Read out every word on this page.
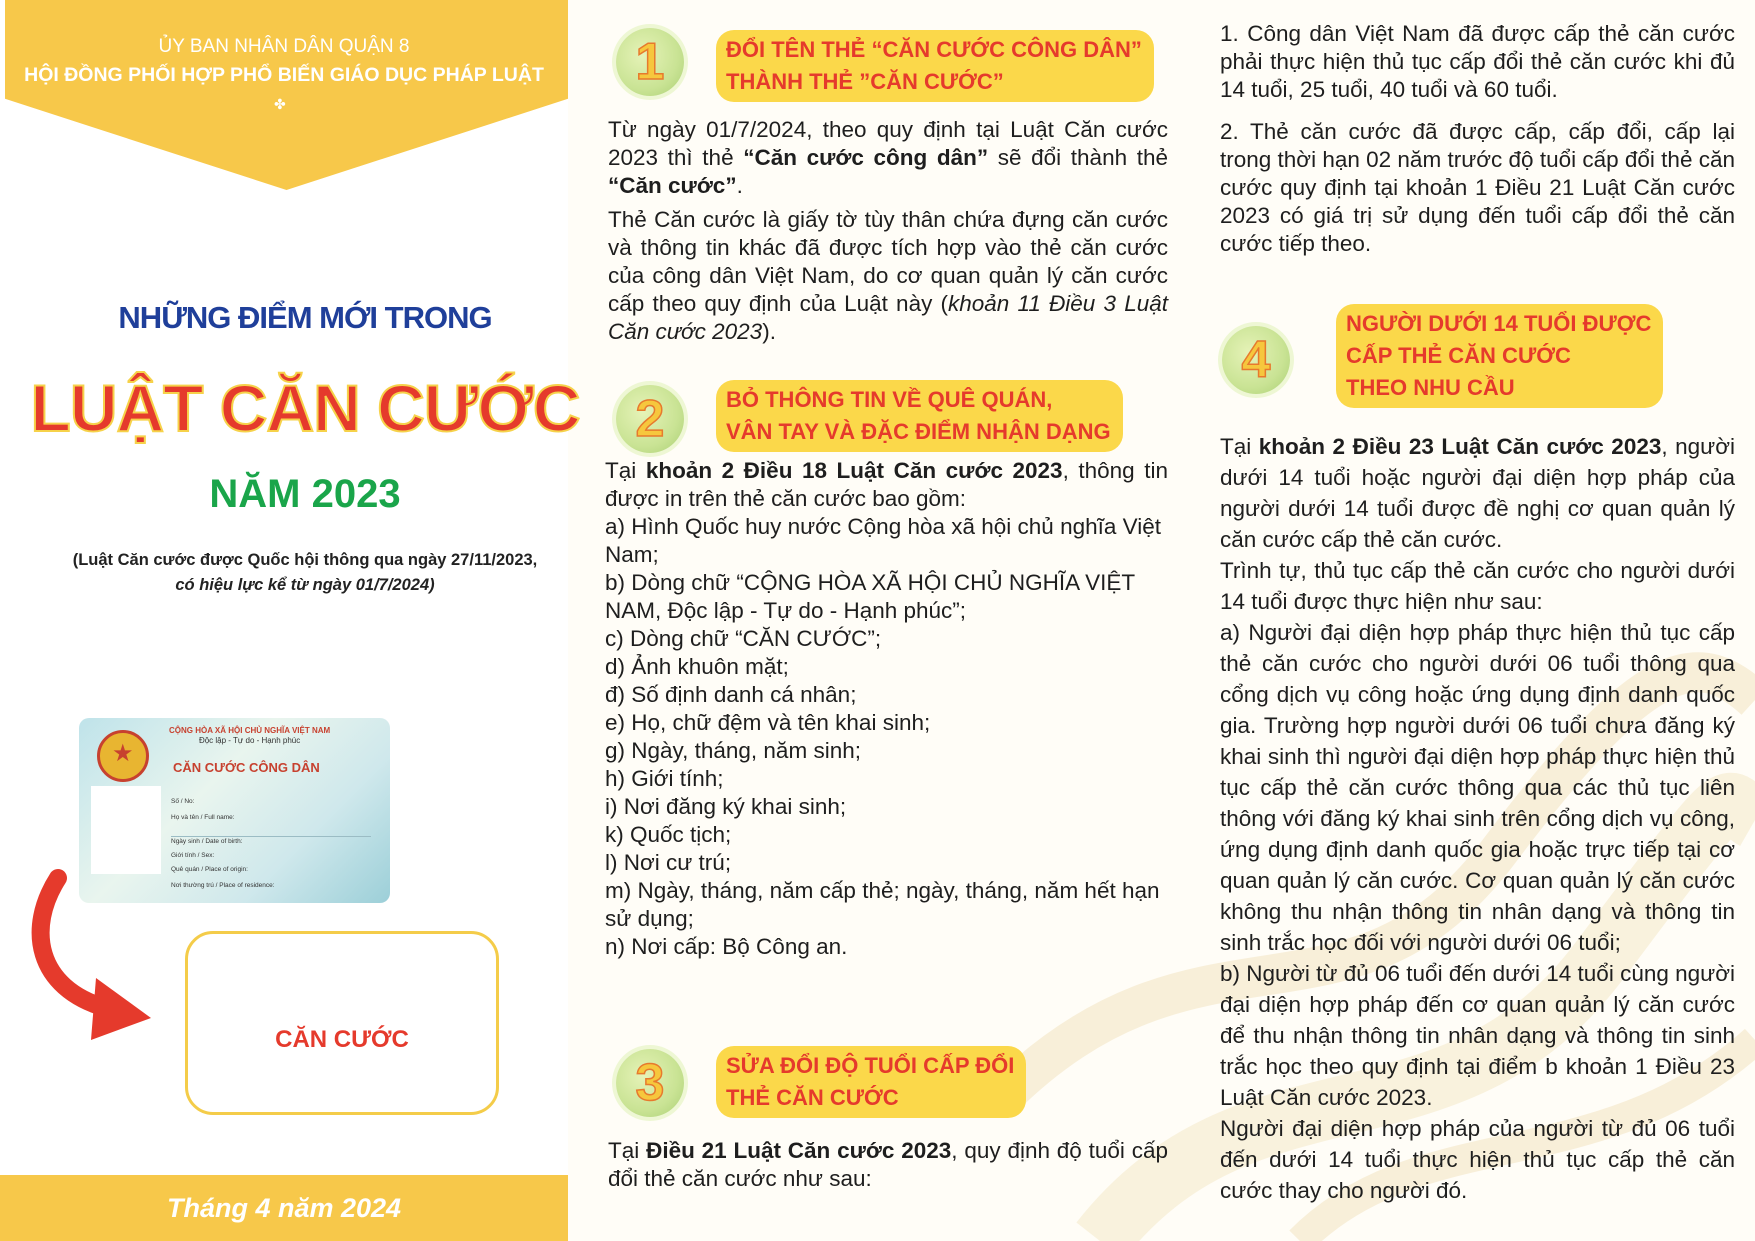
ỦY BAN NHÂN DÂN QUẬN 8
HỘI ĐỒNG PHỐI HỢP PHỔ BIẾN GIÁO DỤC PHÁP LUẬT
✤
NHỮNG ĐIỂM MỚI TRONG
LUẬT CĂN CƯỚC
NĂM 2023
(Luật Căn cước được Quốc hội thông qua ngày 27/11/2023,
có hiệu lực kể từ ngày 01/7/2024)
★
CỘNG HÒA XÃ HỘI CHỦ NGHĨA VIỆT NAM
Độc lập - Tự do - Hạnh phúc
CĂN CƯỚC CÔNG DÂN
Số / No:
Họ và tên / Full name:
Ngày sinh / Date of birth:
Giới tính / Sex:
Quê quán / Place of origin:
Nơi thường trú / Place of residence:
CĂN CƯỚC
Tháng 4 năm 2024
1	ĐỔI TÊN THẺ “CĂN CƯỚC CÔNG DÂN”
THÀNH THẺ ”CĂN CƯỚC”

Từ ngày 01/7/2024, theo quy định tại Luật Căn cước 2023 thì thẻ “Căn cước công dân” sẽ đổi thành thẻ “Căn cước”.

Thẻ Căn cước là giấy tờ tùy thân chứa đựng căn cước và thông tin khác đã được tích hợp vào thẻ căn cước của công dân Việt Nam, do cơ quan quản lý căn cước cấp theo quy định của Luật này (khoản 11 Điều 3 Luật Căn cước 2023).

2	BỎ THÔNG TIN VỀ QUÊ QUÁN,
VÂN TAY VÀ ĐẶC ĐIỂM NHẬN DẠNG

Tại khoản 2 Điều 18 Luật Căn cước 2023, thông tin được in trên thẻ căn cước bao gồm:

a) Hình Quốc huy nước Cộng hòa xã hội chủ nghĩa Việt Nam;

b) Dòng chữ “CỘNG HÒA XÃ HỘI CHỦ NGHĨA VIỆT NAM, Độc lập - Tự do - Hạnh phúc”;

c) Dòng chữ “CĂN CƯỚC”;

d) Ảnh khuôn mặt;

đ) Số định danh cá nhân;

e) Họ, chữ đệm và tên khai sinh;

g) Ngày, tháng, năm sinh;

h) Giới tính;

i) Nơi đăng ký khai sinh;

k) Quốc tịch;

l) Nơi cư trú;

m) Ngày, tháng, năm cấp thẻ; ngày, tháng, năm hết hạn sử dụng;

n) Nơi cấp: Bộ Công an.

3	SỬA ĐỔI ĐỘ TUỔI CẤP ĐỔI
THẺ CĂN CƯỚC
Tại Điều 21 Luật Căn cước 2023, quy định độ tuổi cấp đổi thẻ căn cước như sau:

1. Công dân Việt Nam đã được cấp thẻ căn cước phải thực hiện thủ tục cấp đổi thẻ căn cước khi đủ 14 tuổi, 25 tuổi, 40 tuổi và 60 tuổi.

2. Thẻ căn cước đã được cấp, cấp đổi, cấp lại trong thời hạn 02 năm trước độ tuổi cấp đổi thẻ căn cước quy định tại khoản 1 Điều 21 Luật Căn cước 2023 có giá trị sử dụng đến tuổi cấp đổi thẻ căn cước tiếp theo.

4
NGƯỜI DƯỚI 14 TUỔI ĐƯỢC
CẤP THẺ CĂN CƯỚC
THEO NHU CẦU

Tại khoản 2 Điều 23 Luật Căn cước 2023, người dưới 14 tuổi hoặc người đại diện hợp pháp của người dưới 14 tuổi được đề nghị cơ quan quản lý căn cước cấp thẻ căn cước.

Trình tự, thủ tục cấp thẻ căn cước cho người dưới 14 tuổi được thực hiện như sau:

a) Người đại diện hợp pháp thực hiện thủ tục cấp thẻ căn cước cho người dưới 06 tuổi thông qua cổng dịch vụ công hoặc ứng dụng định danh quốc gia. Trường hợp người dưới 06 tuổi chưa đăng ký khai sinh thì người đại diện hợp pháp thực hiện thủ tục cấp thẻ căn cước thông qua các thủ tục liên thông với đăng ký khai sinh trên cổng dịch vụ công, ứng dụng định danh quốc gia hoặc trực tiếp tại cơ quan quản lý căn cước. Cơ quan quản lý căn cước không thu nhận thông tin nhân dạng và thông tin sinh trắc học đối với người dưới 06 tuổi;

b) Người từ đủ 06 tuổi đến dưới 14 tuổi cùng người đại diện hợp pháp đến cơ quan quản lý căn cước để thu nhận thông tin nhân dạng và thông tin sinh trắc học theo quy định tại điểm b khoản 1 Điều 23 Luật Căn cước 2023.

Người đại diện hợp pháp của người từ đủ 06 tuổi đến dưới 14 tuổi thực hiện thủ tục cấp thẻ căn cước thay cho người đó.
